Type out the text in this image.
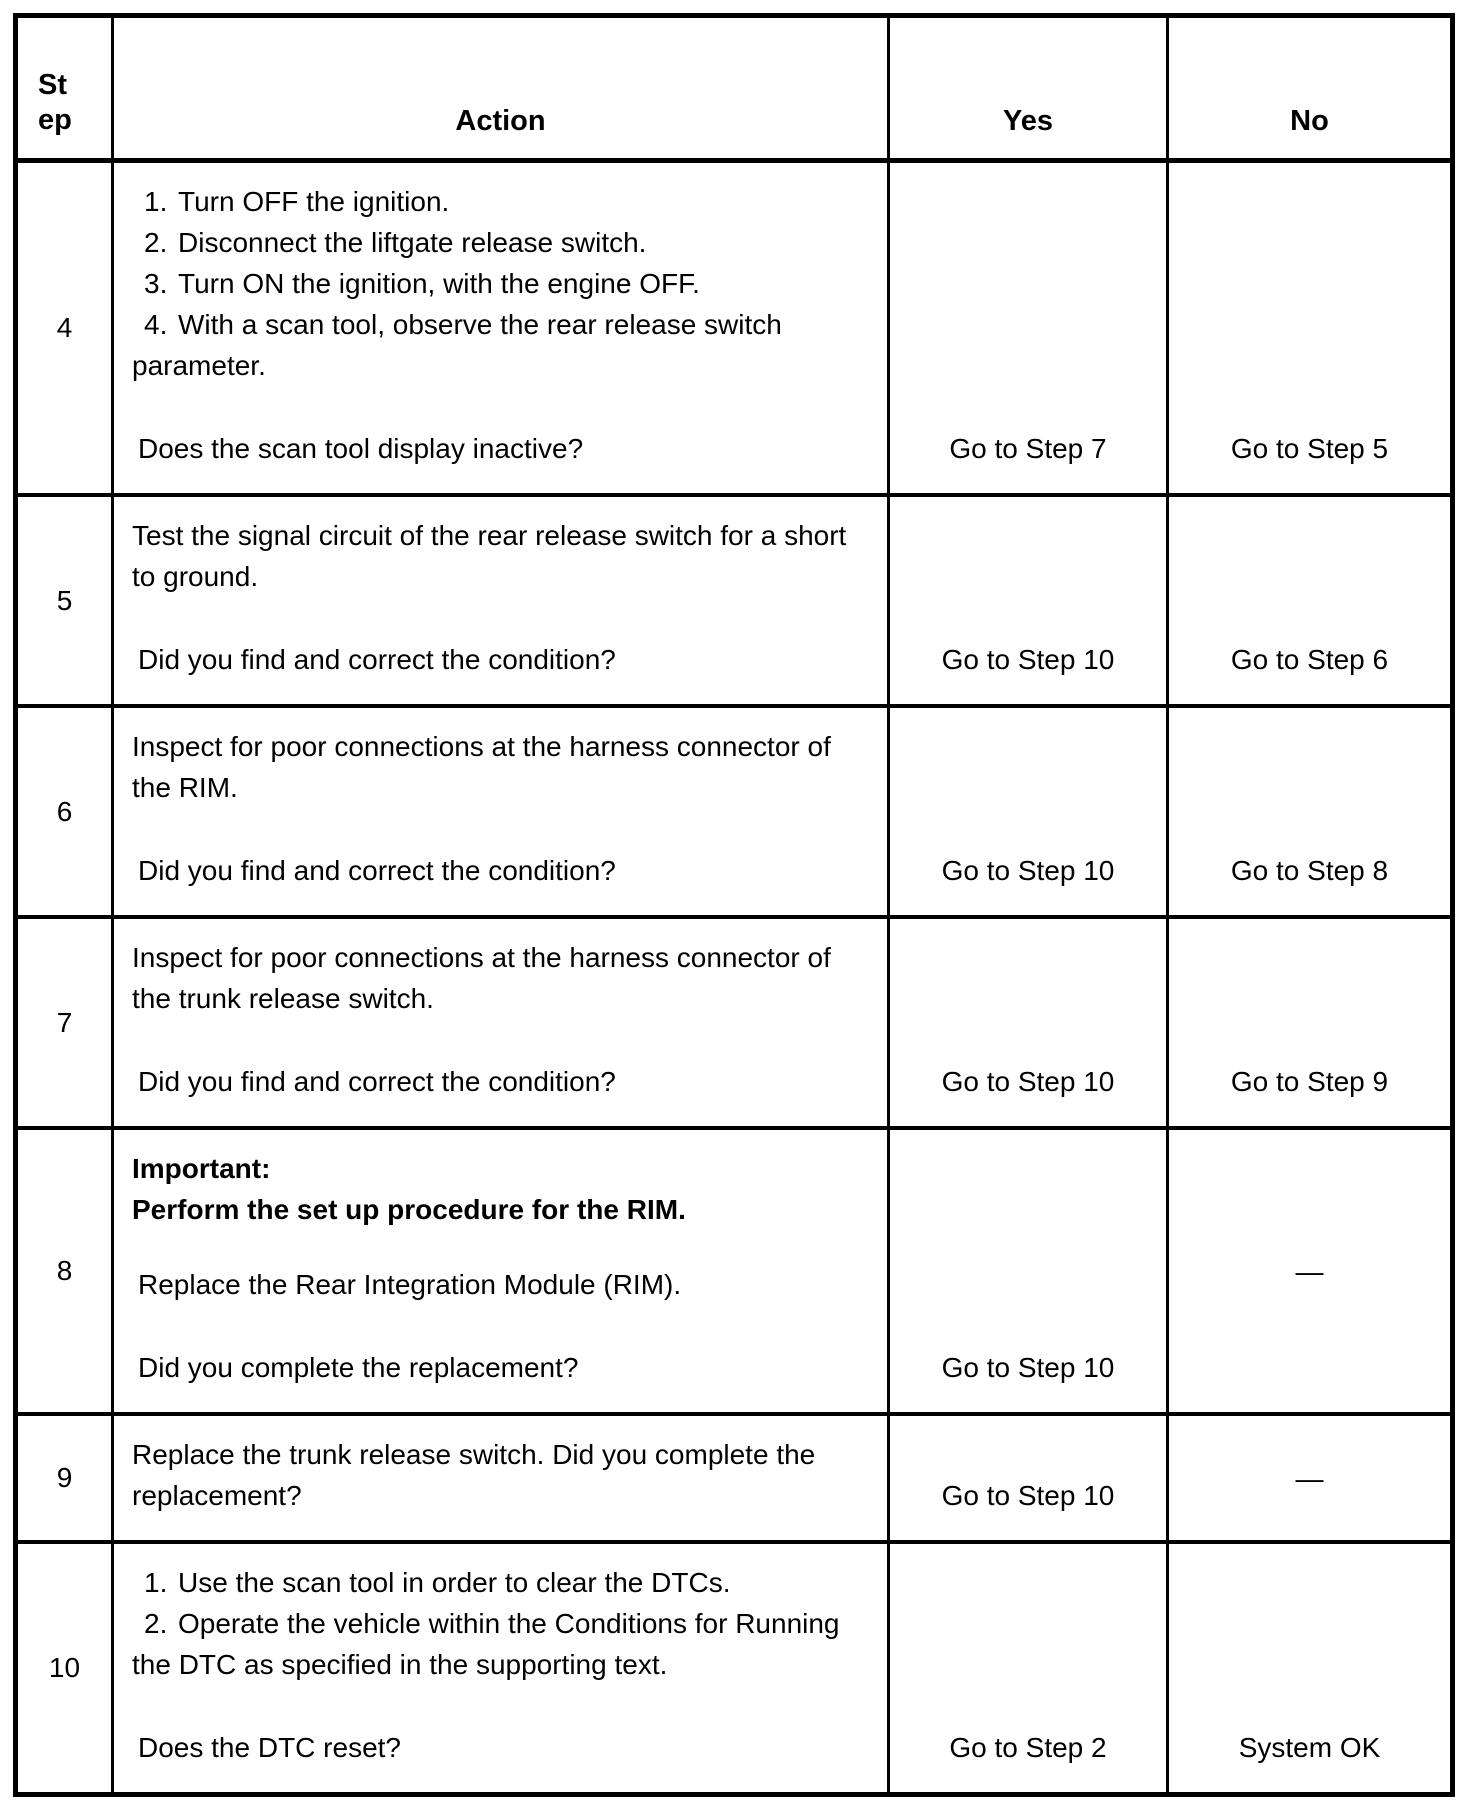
St
ep	Action	Yes	No
4	1. Turn OFF the ignition.

2. Disconnect the liftgate release switch.

3. Turn ON the ignition, with the engine OFF.

4. With a scan tool, observe the rear release switch parameter.

Does the scan tool display inactive?	Go to Step 7	Go to Step 5
5	Test the signal circuit of the rear release switch for a short to ground.

Did you find and correct the condition?	Go to Step 10	Go to Step 6
6	Inspect for poor connections at the harness connector of the RIM.

Did you find and correct the condition?	Go to Step 10	Go to Step 8
7	Inspect for poor connections at the harness connector of the trunk release switch.

Did you find and correct the condition?	Go to Step 10	Go to Step 9
8	Important:

Perform the set up procedure for the RIM.

Replace the Rear Integration Module (RIM).

Did you complete the replacement?	Go to Step 10	—
9	Replace the trunk release switch. Did you complete the replacement?	Go to Step 10	—
10	1. Use the scan tool in order to clear the DTCs.

2. Operate the vehicle within the Conditions for Running the DTC as specified in the supporting text.

Does the DTC reset?	Go to Step 2	System OK
